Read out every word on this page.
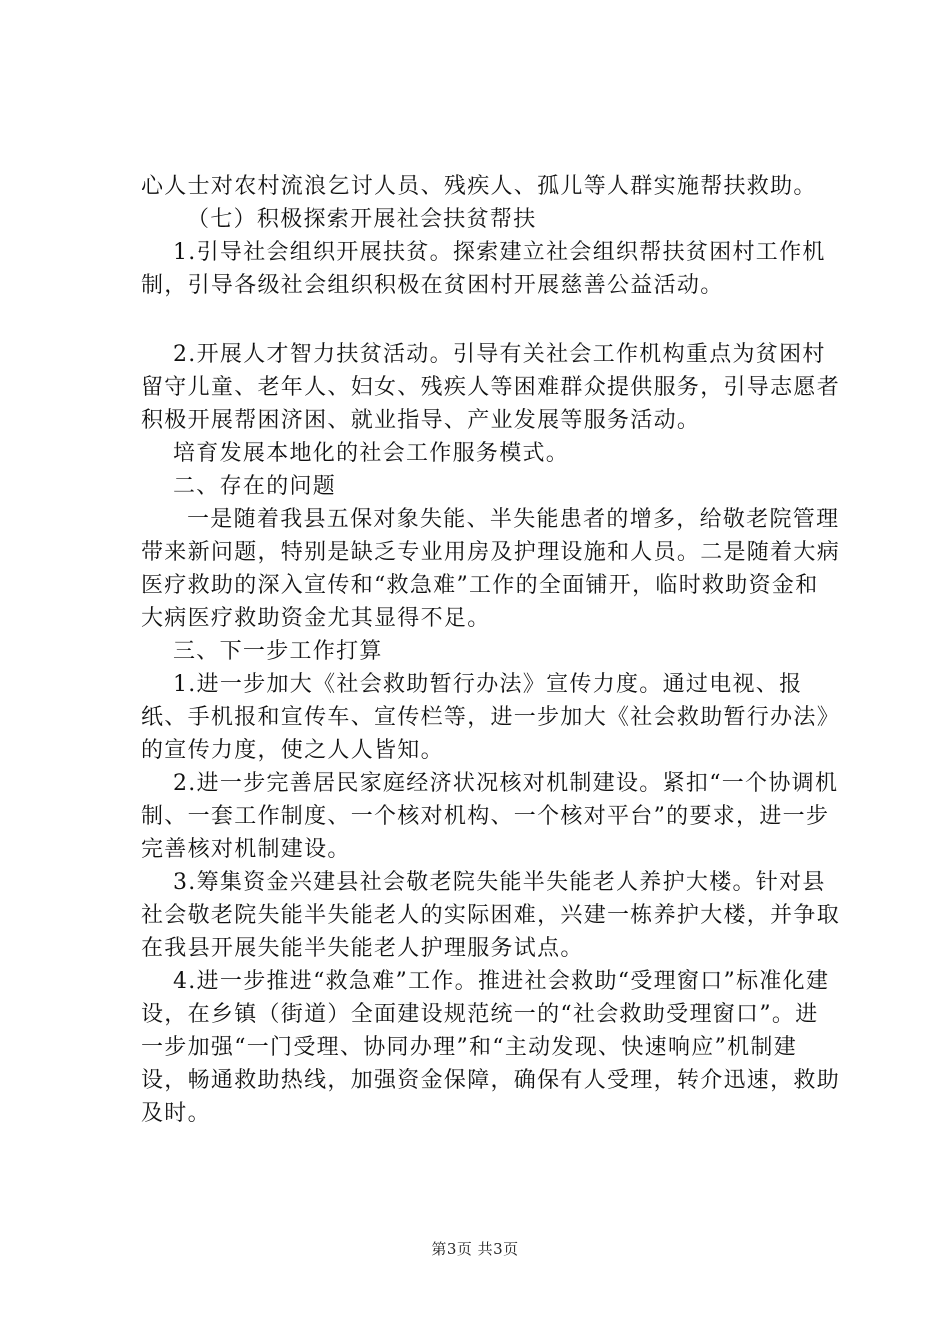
心人士对农村流浪乞讨人员、残疾人、孤儿等人群实施帮扶救助。

（七）积极探索开展社会扶贫帮扶

1.引导社会组织开展扶贫。探索建立社会组织帮扶贫困村工作机制，引导各级社会组织积极在贫困村开展慈善公益活动。

2.开展人才智力扶贫活动。引导有关社会工作机构重点为贫困村留守儿童、老年人、妇女、残疾人等困难群众提供服务，引导志愿者积极开展帮困济困、就业指导、产业发展等服务活动。

培育发展本地化的社会工作服务模式。

二、存在的问题

一是随着我县五保对象失能、半失能患者的增多，给敬老院管理带来新问题，特别是缺乏专业用房及护理设施和人员。二是随着大病医疗救助的深入宣传和“救急难”工作的全面铺开，临时救助资金和大病医疗救助资金尤其显得不足。

三、下一步工作打算

1.进一步加大《社会救助暂行办法》宣传力度。通过电视、报纸、手机报和宣传车、宣传栏等，进一步加大《社会救助暂行办法》的宣传力度，使之人人皆知。

2.进一步完善居民家庭经济状况核对机制建设。紧扣“一个协调机制、一套工作制度、一个核对机构、一个核对平台”的要求，进一步完善核对机制建设。

3.筹集资金兴建县社会敬老院失能半失能老人养护大楼。针对县社会敬老院失能半失能老人的实际困难，兴建一栋养护大楼，并争取在我县开展失能半失能老人护理服务试点。

4.进一步推进“救急难”工作。推进社会救助“受理窗口”标准化建设，在乡镇（街道）全面建设规范统一的“社会救助受理窗口”。进一步加强“一门受理、协同办理”和“主动发现、快速响应”机制建设，畅通救助热线，加强资金保障，确保有人受理，转介迅速，救助及时。

第3页 共3页
